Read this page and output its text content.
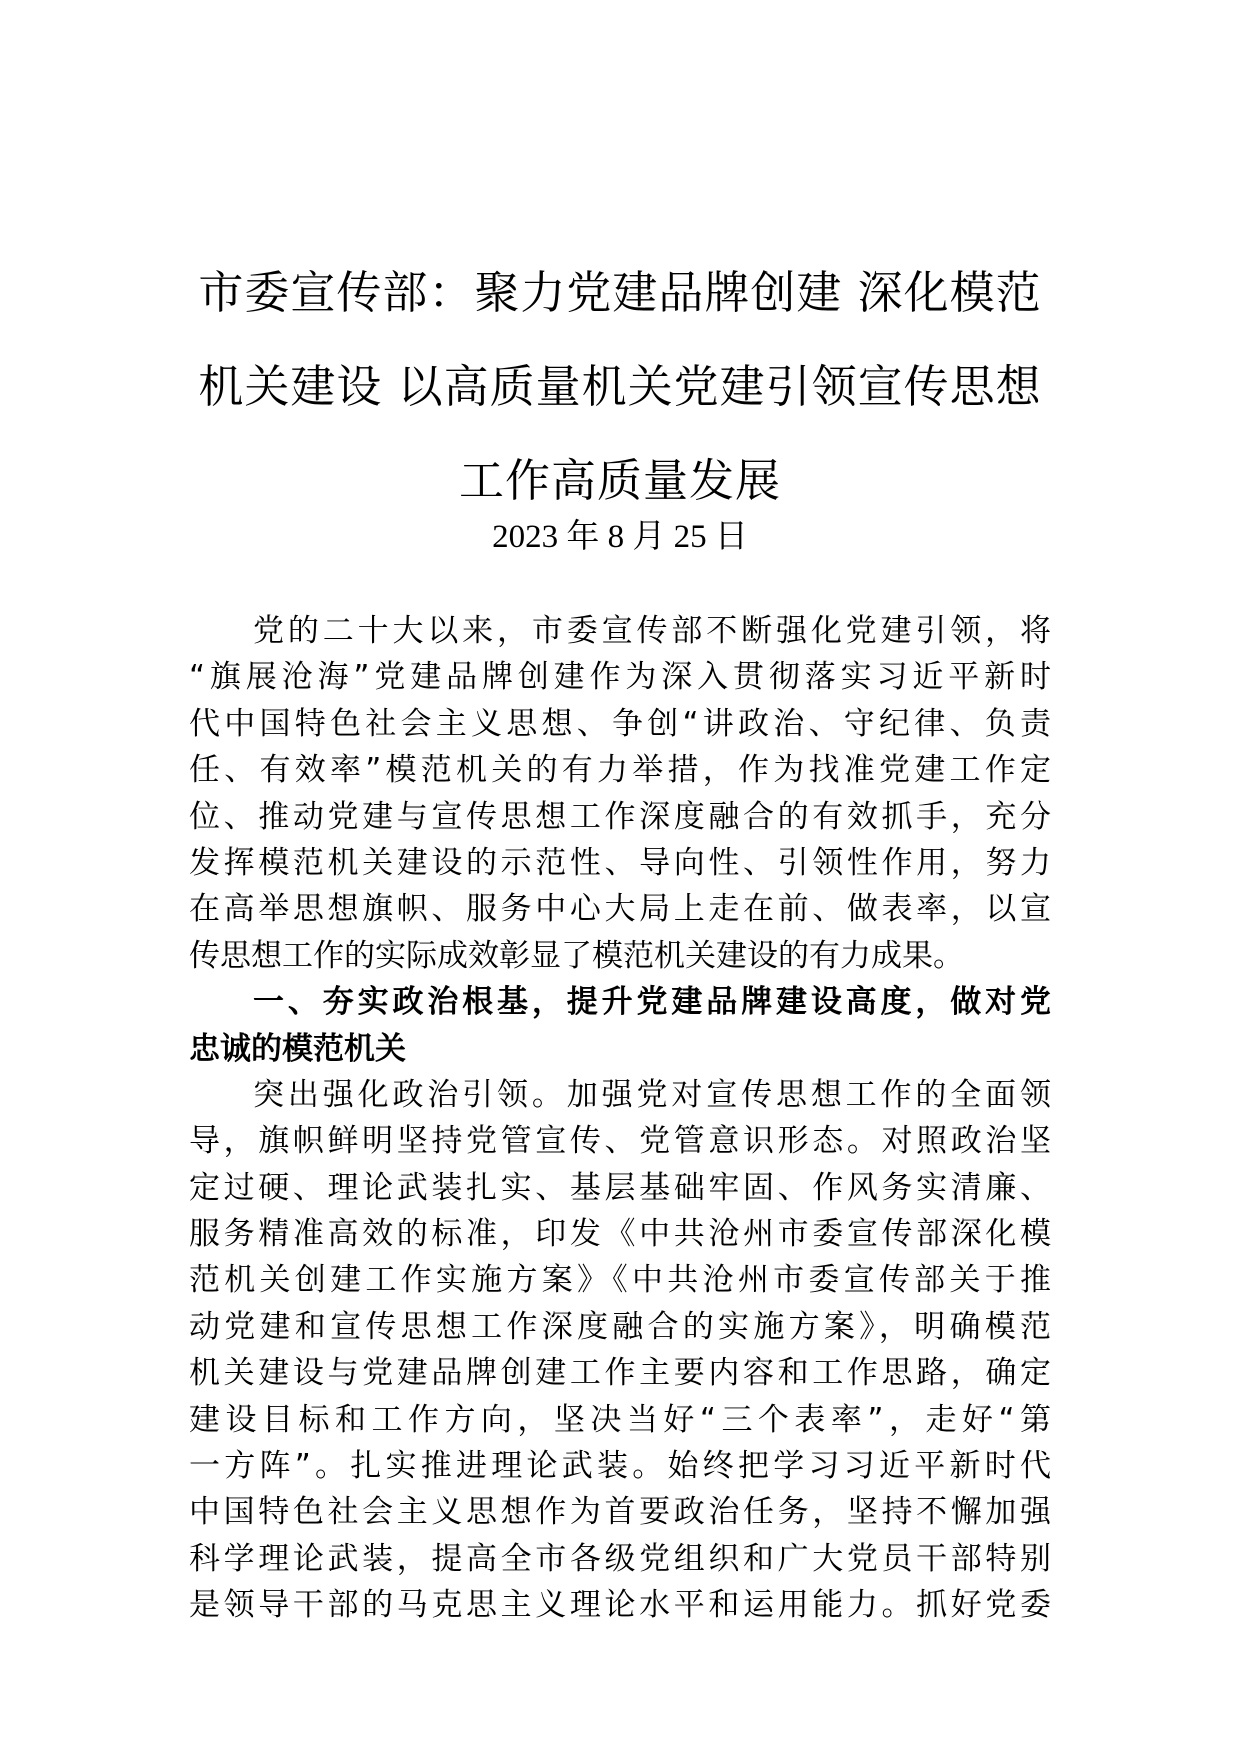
市委宣传部：聚力党建品牌创建 深化模范
机关建设 以高质量机关党建引领宣传思想
工作高质量发展
2023 年 8 月 25 日
党的二十大以来，市委宣传部不断强化党建引领，将
“旗展沧海”党建品牌创建作为深入贯彻落实习近平新时
代中国特色社会主义思想、争创“讲政治、守纪律、负责
任、有效率”模范机关的有力举措，作为找准党建工作定
位、推动党建与宣传思想工作深度融合的有效抓手，充分
发挥模范机关建设的示范性、导向性、引领性作用，努力
在高举思想旗帜、服务中心大局上走在前、做表率，以宣
传思想工作的实际成效彰显了模范机关建设的有力成果。
一、夯实政治根基，提升党建品牌建设高度，做对党
忠诚的模范机关
突出强化政治引领。加强党对宣传思想工作的全面领
导，旗帜鲜明坚持党管宣传、党管意识形态。对照政治坚
定过硬、理论武装扎实、基层基础牢固、作风务实清廉、
服务精准高效的标准，印发《中共沧州市委宣传部深化模
范机关创建工作实施方案》《中共沧州市委宣传部关于推
动党建和宣传思想工作深度融合的实施方案》，明确模范
机关建设与党建品牌创建工作主要内容和工作思路，确定
建设目标和工作方向，坚决当好“三个表率”，走好“第
一方阵”。扎实推进理论武装。始终把学习习近平新时代
中国特色社会主义思想作为首要政治任务，坚持不懈加强
科学理论武装，提高全市各级党组织和广大党员干部特别
是领导干部的马克思主义理论水平和运用能力。抓好党委
